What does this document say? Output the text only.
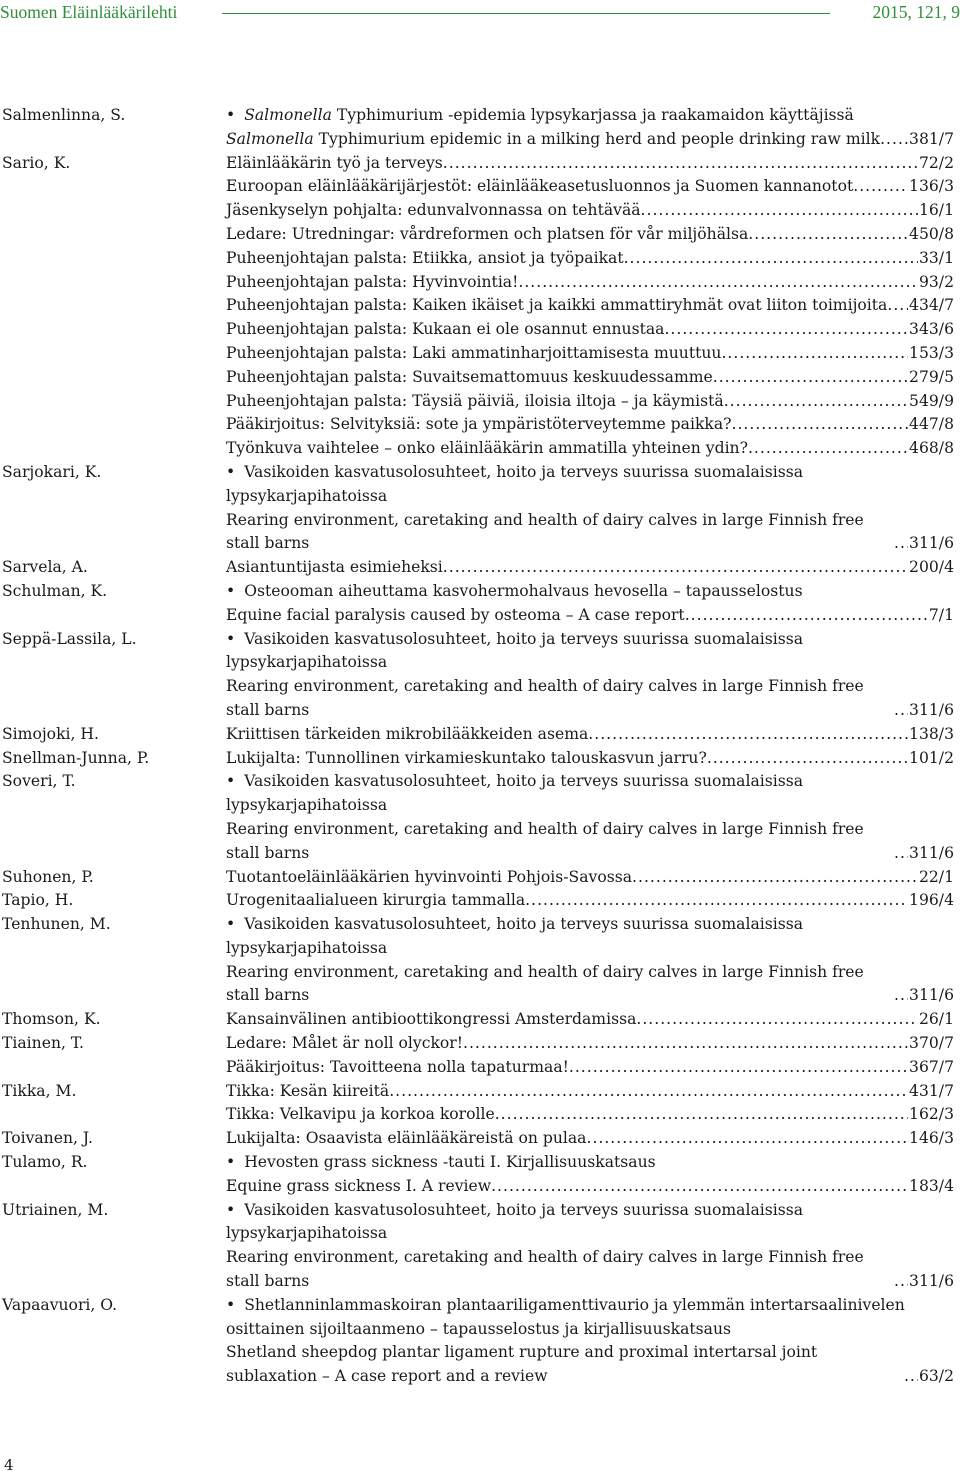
Suomen Eläinlääkärilehti	2015, 121, 9
Salmenlinna, S.	• Salmonella Typhimurium -epidemia lypsykarjassa ja raakamaidon käyttäjissä
Salmonella Typhimurium epidemic in a milking herd and people drinking raw milk ..... 381/7
Sario, K.	Eläinlääkärin työ ja terveys .....	72/2
Euroopan eläinlääkärijärjestöt: eläinlääkeasetusluonnos ja Suomen kannanotot .....	136/3
Jäsenkyselyn pohjalta: edunvalvonnassa on tehtävää .....	16/1
Ledare: Utredningar: vårdreformen och platsen för vår miljöhälsa .....	450/8
Puheenjohtajan palsta: Etiikka, ansiot ja työpaikat .....	33/1
Puheenjohtajan palsta: Hyvinvointia! .....	93/2
Puheenjohtajan palsta: Kaiken ikäiset ja kaikki ammattiryhmät ovat liiton toimijoita ..... 434/7
Puheenjohtajan palsta: Kukaan ei ole osannut ennustaa .....	343/6
Puheenjohtajan palsta: Laki ammatinharjoittamisesta muuttuu .....	153/3
Puheenjohtajan palsta: Suvaitsemattomuus keskuudessamme .....	279/5
Puheenjohtajan palsta: Täysiä päiviä, iloisia iltoja – ja käymistä .....	549/9
Pääkirjoitus: Selvityksiä: sote ja ympäristöterveytemme paikka? .....	447/8
Työnkuva vaihtelee – onko eläinlääkärin ammatilla yhteinen ydin? .....	468/8
Sarjokari, K.	• Vasikoiden kasvatusolosuhteet, hoito ja terveys suurissa suomalaisissa lypsykarjapihatoissa
Rearing environment, caretaking and health of dairy calves in large Finnish free stall barns .....	311/6
Sarvela, A.	Asiantuntijasta esimieheksi .....	200/4
Schulman, K.	• Osteooman aiheuttama kasvohermohalvaus hevosella – tapausselostus
Equine facial paralysis caused by osteoma – A case report .....	7/1
Seppä-Lassila, L.	• Vasikoiden kasvatusolosuhteet, hoito ja terveys suurissa suomalaisissa lypsykarjapihatoissa
Rearing environment, caretaking and health of dairy calves in large Finnish free stall barns .....	311/6
Simojoki, H.	Kriittisen tärkeiden mikrobilääkkeiden asema .....	138/3
Snellman-Junna, P.	Lukijalta: Tunnollinen virkamieskuntako talouskasvun jarru? .....	101/2
Soveri, T.	• Vasikoiden kasvatusolosuhteet, hoito ja terveys suurissa suomalaisissa lypsykarjapihatoissa
Rearing environment, caretaking and health of dairy calves in large Finnish free stall barns .....	311/6
Suhonen, P.	Tuotantoeläinlääkärien hyvinvointi Pohjois-Savossa .....	22/1
Tapio, H.	Urogenitaalialueen kirurgia tammalla .....	196/4
Tenhunen, M.	• Vasikoiden kasvatusolosuhteet, hoito ja terveys suurissa suomalaisissa lypsykarjapihatoissa
Rearing environment, caretaking and health of dairy calves in large Finnish free stall barns .....	311/6
Thomson, K.	Kansainvälinen antibioottikongressi Amsterdamissa .....	26/1
Tiainen, T.	Ledare: Målet är noll olyckor! .....	370/7
Pääkirjoitus: Tavoitteena nolla tapaturmaa! .....	367/7
Tikka, M.	Tikka: Kesän kiireitä .....	431/7
Tikka: Velkavipu ja korkoa korolle .....	162/3
Toivanen, J.	Lukijalta: Osaavista eläinlääkäreistä on pulaa .....	146/3
Tulamo, R.	• Hevosten grass sickness -tauti I. Kirjallisuuskatsaus
Equine grass sickness I. A review .....	183/4
Utriainen, M.	• Vasikoiden kasvatusolosuhteet, hoito ja terveys suurissa suomalaisissa lypsykarjapihatoissa
Rearing environment, caretaking and health of dairy calves in large Finnish free stall barns .....	311/6
Vapaavuori, O.	• Shetlanninlammaskoiran plantaariligamenttivaurio ja ylemmän intertarsaalinivelen osittainen sijoiltaanmeno – tapausselostus ja kirjallisuuskatsaus
Shetland sheepdog plantar ligament rupture and proximal intertarsal joint sublaxation – A case report and a review .....	63/2
4
